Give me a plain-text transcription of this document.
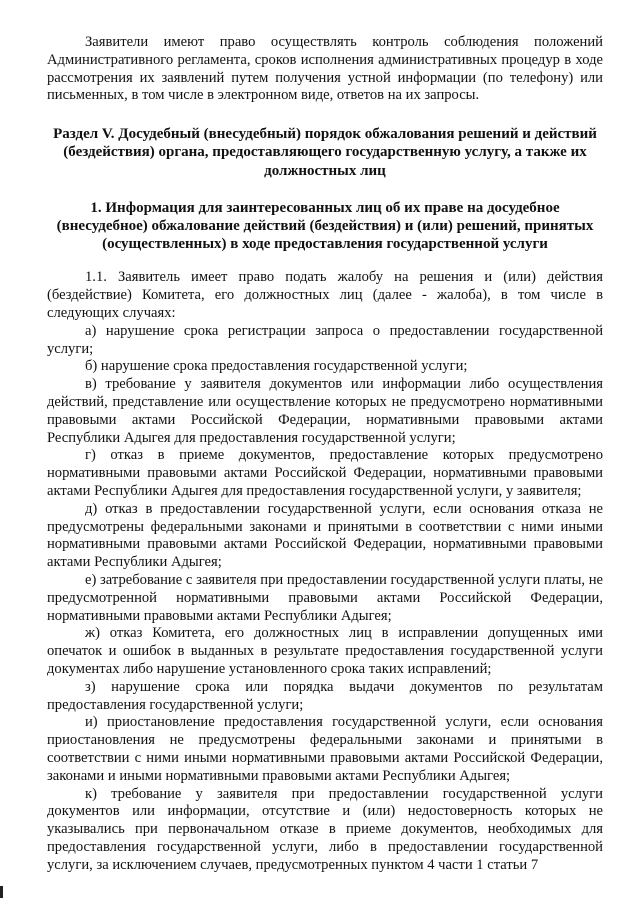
Заявители имеют право осуществлять контроль соблюдения положений Административного регламента, сроков исполнения административных процедур в ходе рассмотрения их заявлений путем получения устной информации (по телефону) или письменных, в том числе в электронном виде, ответов на их запросы.

Раздел V. Досудебный (внесудебный) порядок обжалования решений и действий (бездействия) органа, предоставляющего государственную услугу, а также их должностных лиц

1. Информация для заинтересованных лиц об их праве на досудебное (внесудебное) обжалование действий (бездействия) и (или) решений, принятых (осуществленных) в ходе предоставления государственной услуги

1.1. Заявитель имеет право подать жалобу на решения и (или) действия (бездействие) Комитета, его должностных лиц (далее - жалоба), в том числе в следующих случаях:

а) нарушение срока регистрации запроса о предоставлении государственной услуги;

б) нарушение срока предоставления государственной услуги;

в) требование у заявителя документов или информации либо осуществления действий, представление или осуществление которых не предусмотрено нормативными правовыми актами Российской Федерации, нормативными правовыми актами Республики Адыгея для предоставления государственной услуги;

г) отказ в приеме документов, предоставление которых предусмотрено нормативными правовыми актами Российской Федерации, нормативными правовыми актами Республики Адыгея для предоставления государственной услуги, у заявителя;

д) отказ в предоставлении государственной услуги, если основания отказа не предусмотрены федеральными законами и принятыми в соответствии с ними иными нормативными правовыми актами Российской Федерации, нормативными правовыми актами Республики Адыгея;

е) затребование с заявителя при предоставлении государственной услуги платы, не предусмотренной нормативными правовыми актами Российской Федерации, нормативными правовыми актами Республики Адыгея;

ж) отказ Комитета, его должностных лиц в исправлении допущенных ими опечаток и ошибок в выданных в результате предоставления государственной услуги документах либо нарушение установленного срока таких исправлений;

з) нарушение срока или порядка выдачи документов по результатам предоставления государственной услуги;

и) приостановление предоставления государственной услуги, если основания приостановления не предусмотрены федеральными законами и принятыми в соответствии с ними иными нормативными правовыми актами Российской Федерации, законами и иными нормативными правовыми актами Республики Адыгея;

к) требование у заявителя при предоставлении государственной услуги документов или информации, отсутствие и (или) недостоверность которых не указывались при первоначальном отказе в приеме документов, необходимых для предоставления государственной услуги, либо в предоставлении государственной услуги, за исключением случаев, предусмотренных пунктом 4 части 1 статьи 7
